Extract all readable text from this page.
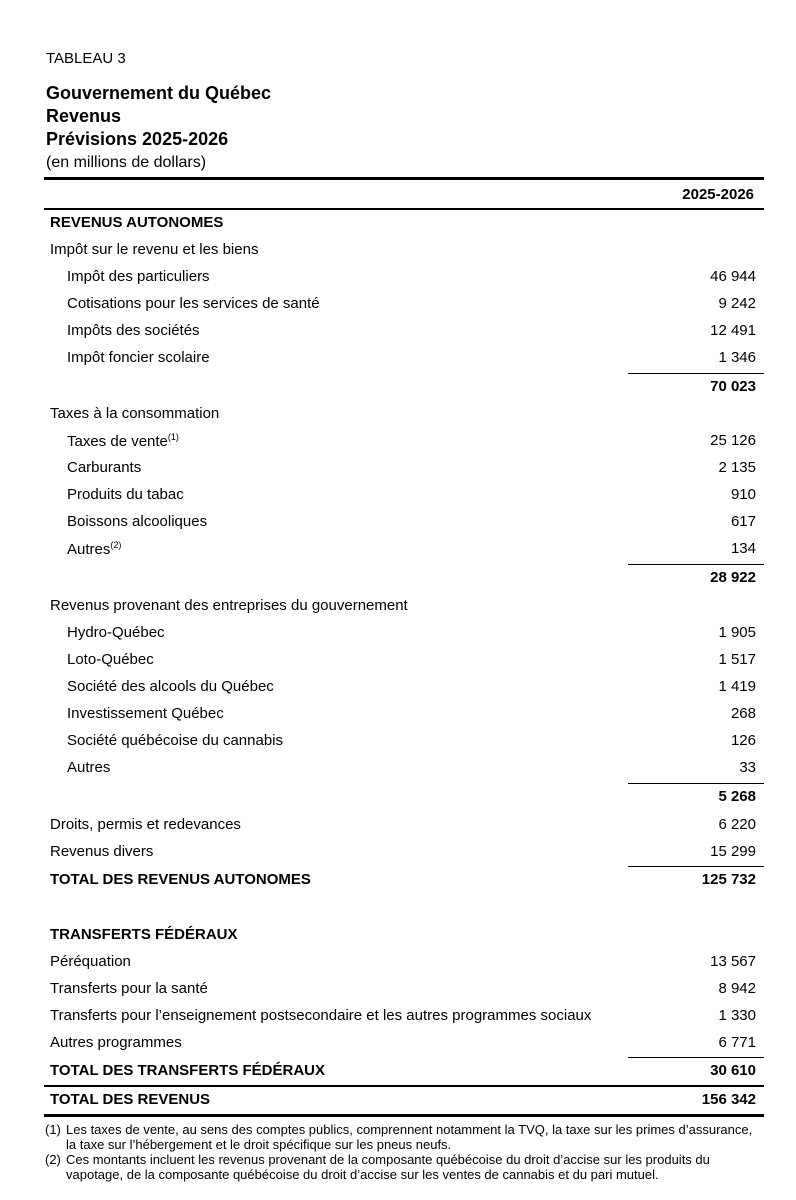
TABLEAU 3
Gouvernement du Québec
Revenus
Prévisions 2025-2026
(en millions de dollars)
2025-2026
REVENUS AUTONOMES
Impôt sur le revenu et les biens
Impôt des particuliers	46 944
Cotisations pour les services de santé	9 242
Impôts des sociétés	12 491
Impôt foncier scolaire	1 346
70 023
Taxes à la consommation
Taxes de vente$^{(1)}$	25 126
Carburants	2 135
Produits du tabac	910
Boissons alcooliques	617
Autres$^{(2)}$	134
28 922
Revenus provenant des entreprises du gouvernement
Hydro-Québec	1 905
Loto-Québec	1 517
Société des alcools du Québec	1 419
Investissement Québec	268
Société québécoise du cannabis	126
Autres	33
5 268
Droits, permis et redevances	6 220
Revenus divers	15 299
TOTAL DES REVENUS AUTONOMES	125 732
TRANSFERTS FÉDÉRAUX
Péréquation	13 567
Transferts pour la santé	8 942
Transferts pour l’enseignement postsecondaire et les autres programmes sociaux	1 330
Autres programmes	6 771
TOTAL DES TRANSFERTS FÉDÉRAUX	30 610
TOTAL DES REVENUS	156 342
(1) Les taxes de vente, au sens des comptes publics, comprennent notamment la TVQ, la taxe sur les primes d’assurance, la taxe sur l’hébergement et le droit spécifique sur les pneus neufs.
(2) Ces montants incluent les revenus provenant de la composante québécoise du droit d’accise sur les produits du vapotage, de la composante québécoise du droit d’accise sur les ventes de cannabis et du pari mutuel.
